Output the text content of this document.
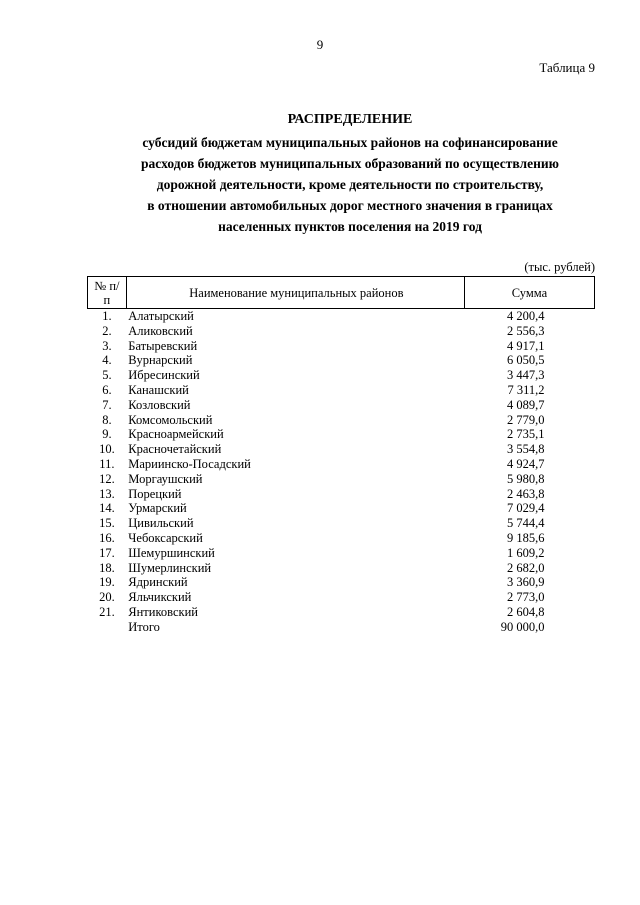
9
Таблица 9
РАСПРЕДЕЛЕНИЕ
субсидий бюджетам муниципальных районов на софинансирование
расходов бюджетов муниципальных образований по осуществлению
дорожной деятельности, кроме деятельности по строительству,
в отношении автомобильных дорог местного значения в границах
населенных пунктов поселения на 2019 год
(тыс. рублей)
№ п/п	Наименование муниципальных районов	Сумма
1.	Алатырский	4 200,4
2.	Аликовский	2 556,3
3.	Батыревский	4 917,1
4.	Вурнарский	6 050,5
5.	Ибресинский	3 447,3
6.	Канашский	7 311,2
7.	Козловский	4 089,7
8.	Комсомольский	2 779,0
9.	Красноармейский	2 735,1
10.	Красночетайский	3 554,8
11.	Мариинско-Посадский	4 924,7
12.	Моргаушский	5 980,8
13.	Порецкий	2 463,8
14.	Урмарский	7 029,4
15.	Цивильский	5 744,4
16.	Чебоксарский	9 185,6
17.	Шемуршинский	1 609,2
18.	Шумерлинский	2 682,0
19.	Ядринский	3 360,9
20.	Яльчикский	2 773,0
21.	Янтиковский	2 604,8
	Итого	90 000,0
